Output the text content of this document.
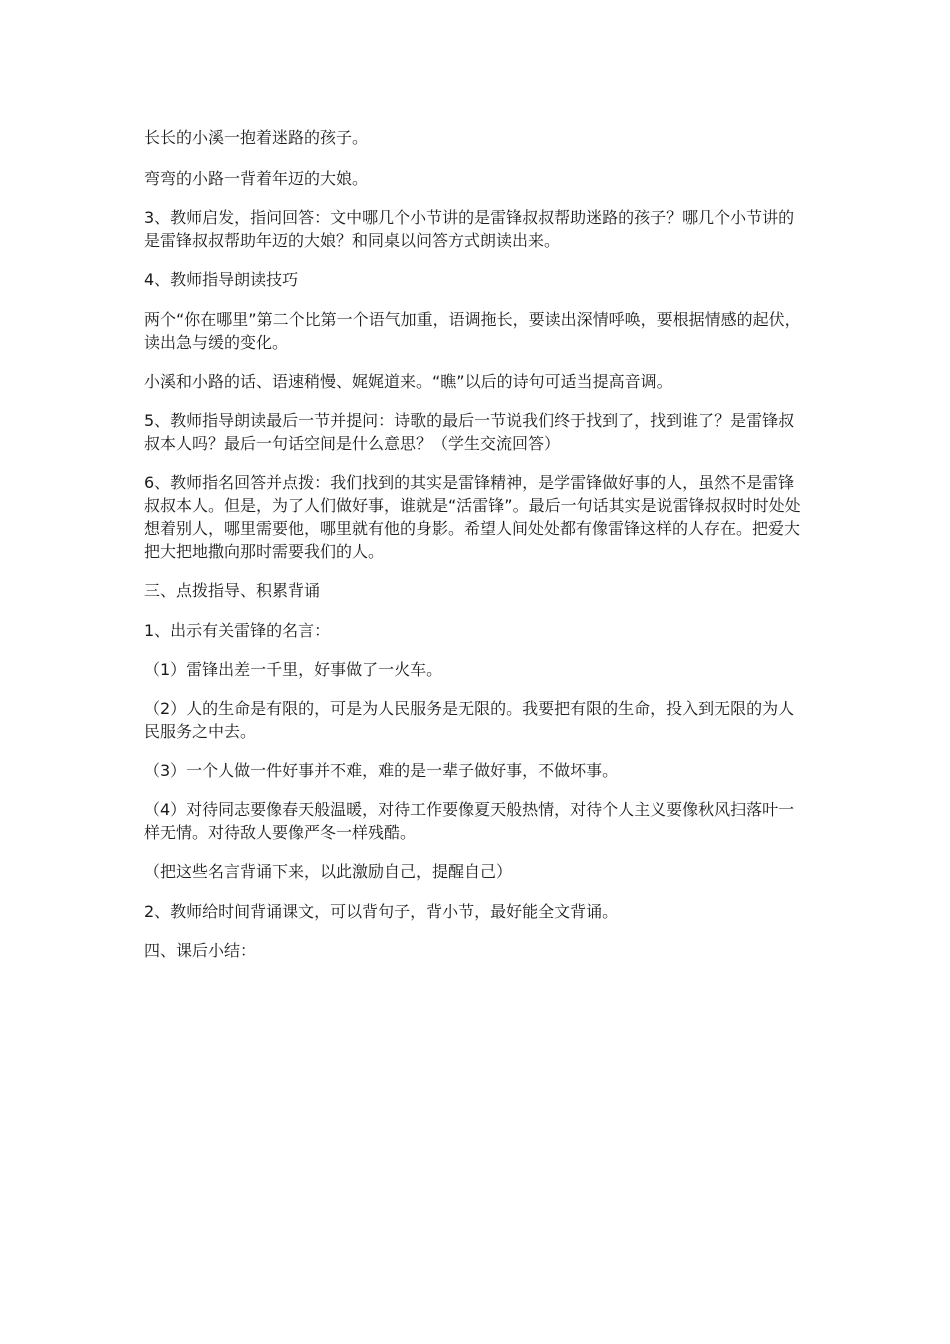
长长的小溪一抱着迷路的孩子。

弯弯的小路一背着年迈的大娘。

3、教师启发，指问回答：文中哪几个小节讲的是雷锋叔叔帮助迷路的孩子？哪几个小节讲的是雷锋叔叔帮助年迈的大娘？和同桌以问答方式朗读出来。

4、教师指导朗读技巧

两个“你在哪里”第二个比第一个语气加重，语调拖长，要读出深情呼唤，要根据情感的起伏，读出急与缓的变化。

小溪和小路的话、语速稍慢、娓娓道来。“瞧”以后的诗句可适当提高音调。

5、教师指导朗读最后一节并提问：诗歌的最后一节说我们终于找到了，找到谁了？是雷锋叔叔本人吗？最后一句话空间是什么意思？（学生交流回答）

6、教师指名回答并点拨：我们找到的其实是雷锋精神，是学雷锋做好事的人，虽然不是雷锋叔叔本人。但是，为了人们做好事，谁就是“活雷锋”。最后一句话其实是说雷锋叔叔时时处处想着别人，哪里需要他，哪里就有他的身影。希望人间处处都有像雷锋这样的人存在。把爱大把大把地撒向那时需要我们的人。

三、点拨指导、积累背诵

1、出示有关雷锋的名言：

（1）雷锋出差一千里，好事做了一火车。

（2）人的生命是有限的，可是为人民服务是无限的。我要把有限的生命，投入到无限的为人民服务之中去。

（3）一个人做一件好事并不难，难的是一辈子做好事，不做坏事。

（4）对待同志要像春天般温暖，对待工作要像夏天般热情，对待个人主义要像秋风扫落叶一样无情。对待敌人要像严冬一样残酷。

（把这些名言背诵下来，以此激励自己，提醒自己）

2、教师给时间背诵课文，可以背句子，背小节，最好能全文背诵。

四、课后小结：
